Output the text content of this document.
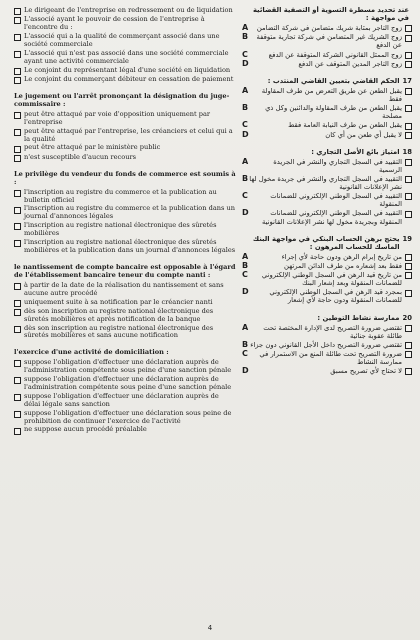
Le dirigeant de l'entreprise en redressement ou de liquidation
L'associé ayant le pouvoir de cession de l'entreprise à l'encontre du :
L'associé qui a la qualité de commerçant associé dans une société commerciale
L'associé qui n'est pas associé dans une société commerciale ayant une activité commerciale
Le conjoint du représentant légal d'une société en liquidation
Le conjoint du commerçant débiteur en cessation de paiement
Le jugement ou l'arrêt prononçant la désignation du juge-commissaire :
peut être attaqué par voie d'opposition uniquement par l'entreprise
peut être attaqué par l'entreprise, les créanciers et celui qui a la qualité
peut être attaqué par le ministère public
n'est susceptible d'aucun recours
Le privilège du vendeur du fonds de commerce est soumis à :
l'inscription au registre du commerce et la publication au bulletin officiel
l'inscription au registre du commerce et la publication dans un journal d'annonces légales
l'inscription au registre national électronique des sûretés mobilières
l'inscription au registre national électronique des sûretés mobilières et la publication dans un journal d'annonces légales
le nantissement de compte bancaire est opposable à l'égard de l'établissement bancaire teneur du compte nanti :
à partir de la date de la réalisation du nantissement et sans aucune autre procédé
uniquement suite à sa notification par le créancier nanti
dès son inscription au registre national électronique des sûretés mobilières et après notification de la banque
dès son inscription au registre national électronique des sûretés mobilières et sans aucune notification
l'exercice d'une activité de domiciliation :
suppose l'obligation d'effectuer une déclaration auprès de l'administration compétente sous peine d'une sanction pénale
suppose l'obligation d'effectuer une déclaration auprès de l'administration compétente sous peine d'une sanction pénale
suppose l'obligation d'effectuer une déclaration auprès de délai légale sans sanction
suppose l'obligation d'effectuer une déclaration sous peine de prohibition de continuer l'exercice de l'activité
ne suppose aucun procédé préalable
عند تحديد مسطرة التسوية أو التصفية القضائية في مواجهة :
زوج التاجر بمثابة شريك متضامن في شركة التضامن
A
زوج الشريك غير المتضامن في شركة تجارية متوقفة عن الدفع
B
زوج الممثل القانوني الشركة المتوقفة عن الدفع
C
زوج التاجر المدين المتوقف عن الدفع
D
17
الحكم القاضي بتعيين القاضي المنتدب :
يقبل الطعن عن طريق التعرض من طرف المقاولة فقط
A
يقبل الطعن من طرف المقاولة والدائنين وكل ذي مصلحة
B
يقبل الطعن من طرف النيابة العامة فقط
C
لا يقبل أي طعن من أي كان
D
18
امتياز بائع الأصل التجاري :
التقييد في السجل التجاري والنشر في الجريدة الرسمية
A
التقييد في السجل التجاري والنشر في جريدة مخول لها نشر الإعلانات القانونية
B
التقييد في السجل الوطني الإلكتروني للضمانات المنقولة
C
التقييد في السجل الوطني الإلكتروني للضمانات المنقولة وبجريدة مخول لها نشر الإعلانات القانونية
D
19
يحتج برهن الحساب البنكي في مواجهة البنك الماسك للحساب المرهون :
من تاريخ إبرام الرهن ودون حاجة لأي إجراء
A
فقط بعد إشعاره من طرف الدائن المرتهن
B
من تاريخ قيد الرهن في السجل الوطني الإلكتروني للضمانات المنقولة وبعد إشعار البنك
C
بمجرد قيد الرهن في السجل الوطني الإلكتروني للضمانات المنقولة ودون حاجة لأي إشعار
D
20
ممارسة نشاط التوطين :
تقتضي ضرورة التصريح لدى الإدارة المختصة تحت طائلة عقوبة جنائية
A
تقتضي ضرورة التصريح داخل الأجل القانوني دون جزاء
B
ضرورة التصريح تحت طائلة المنع من الاستمرار في ممارسة النشاط
C
لا تحتاج لأي تصريح مسبق
D
4
